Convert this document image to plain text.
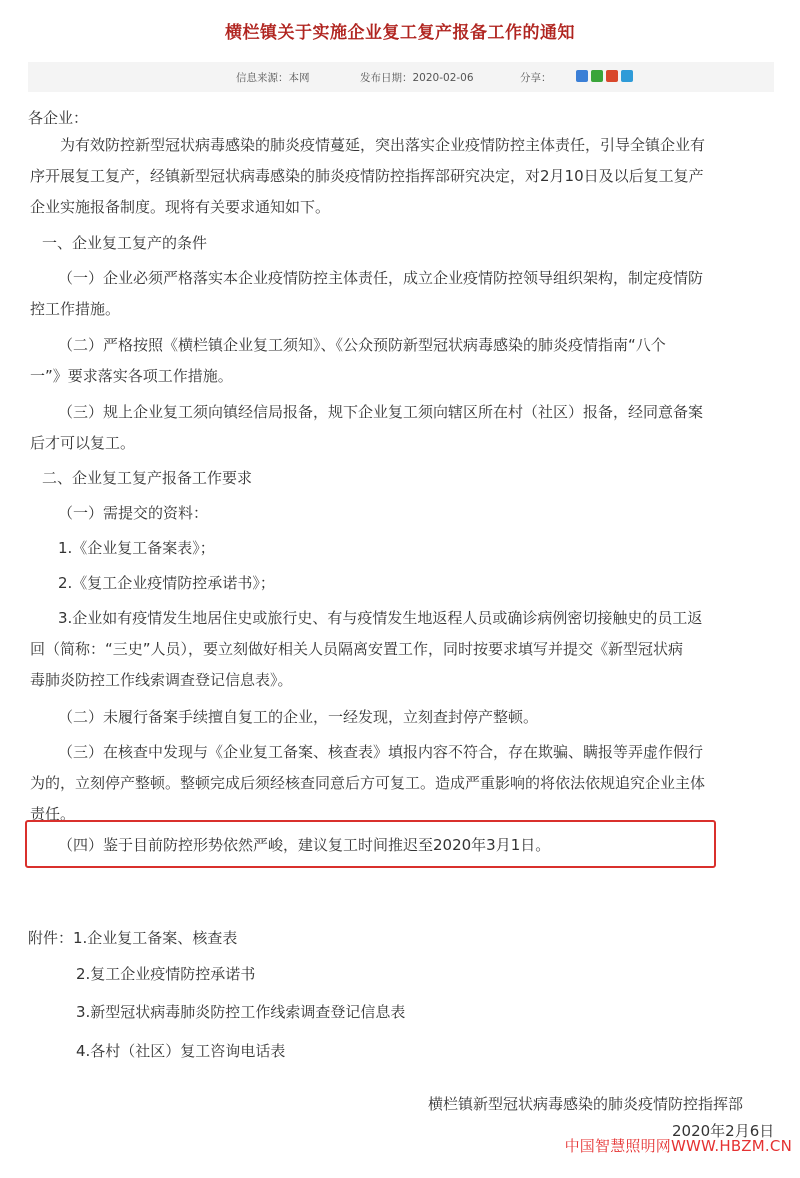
横栏镇关于实施企业复工复产报备工作的通知
信息来源：本网	发布日期：2020-02-06	分享：
各企业：
为有效防控新型冠状病毒感染的肺炎疫情蔓延，突出落实企业疫情防控主体责任，引导全镇企业有
序开展复工复产，经镇新型冠状病毒感染的肺炎疫情防控指挥部研究决定，对2月10日及以后复工复产
企业实施报备制度。现将有关要求通知如下。
一、企业复工复产的条件
（一）企业必须严格落实本企业疫情防控主体责任，成立企业疫情防控领导组织架构，制定疫情防
控工作措施。
（二）严格按照《横栏镇企业复工须知》、《公众预防新型冠状病毒感染的肺炎疫情指南“八个
一”》要求落实各项工作措施。
（三）规上企业复工须向镇经信局报备，规下企业复工须向辖区所在村（社区）报备，经同意备案
后才可以复工。
二、企业复工复产报备工作要求
（一）需提交的资料：
1.《企业复工备案表》；
2.《复工企业疫情防控承诺书》；
3.企业如有疫情发生地居住史或旅行史、有与疫情发生地返程人员或确诊病例密切接触史的员工返
回（简称：“三史”人员），要立刻做好相关人员隔离安置工作，同时按要求填写并提交《新型冠状病
毒肺炎防控工作线索调查登记信息表》。
（二）未履行备案手续擅自复工的企业，一经发现，立刻查封停产整顿。
（三）在核查中发现与《企业复工备案、核查表》填报内容不符合，存在欺骗、瞒报等弄虚作假行
为的，立刻停产整顿。整顿完成后须经核查同意后方可复工。造成严重影响的将依法依规追究企业主体
责任。
（四）鉴于目前防控形势依然严峻，建议复工时间推迟至2020年3月1日。
附件：1.企业复工备案、核查表
2.复工企业疫情防控承诺书
3.新型冠状病毒肺炎防控工作线索调查登记信息表
4.各村（社区）复工咨询电话表
横栏镇新型冠状病毒感染的肺炎疫情防控指挥部
2020年2月6日
中国智慧照明网WWW.HBZM.CN
